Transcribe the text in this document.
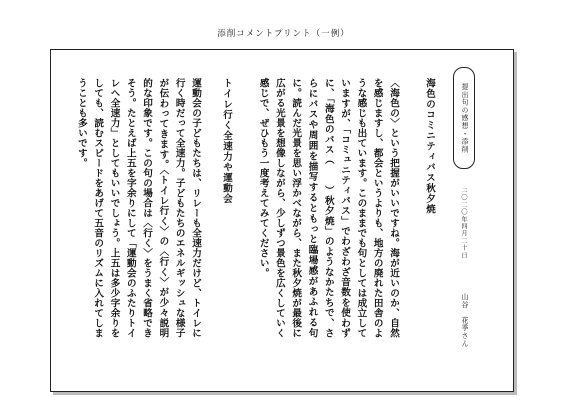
添削コメントプリント（一例）
提出句の感想・添削
二〇二〇年四月二十日
山谷　花季さん
海色のコミニティバス秋夕焼
〈海色の〉という把握がいいですね。海が近いのか、自然を感じますし、都会というよりも、地方の廃れた田舎のような感じも出ています。このままでも句としては成立していますが、「コミュニティバス」でわざわざ音数を使わずに、「海色のバス（　　）秋夕焼」のようなかたちで、さらにバスや周囲を描写するともっと臨場感があふれる句に。読んだ光景を思い浮かべながら、また秋夕焼が最後に広がる光景を想像しながら、少しずつ景色を広くしていく感じで、ぜひもう一度考えてみてください。
トイレ行く全速力や運動会
運動会の子どもたちは、リレーも全速力だけど、トイレに行く時だって全速力。子どもたちのエネルギッシュな様子が伝わってきます。〈トイレ行く〉の〈行く〉が少々説明的な印象です。この句の場合は〈行く〉をうまく省略できそう。たとえば上五を字余りにして「運動会のふたりトイレへ全速力」としてもいいでしょう。上五は多少字余りをしても、読むスピードをあげて五音のリズムに入れてしまうことも多いです。
